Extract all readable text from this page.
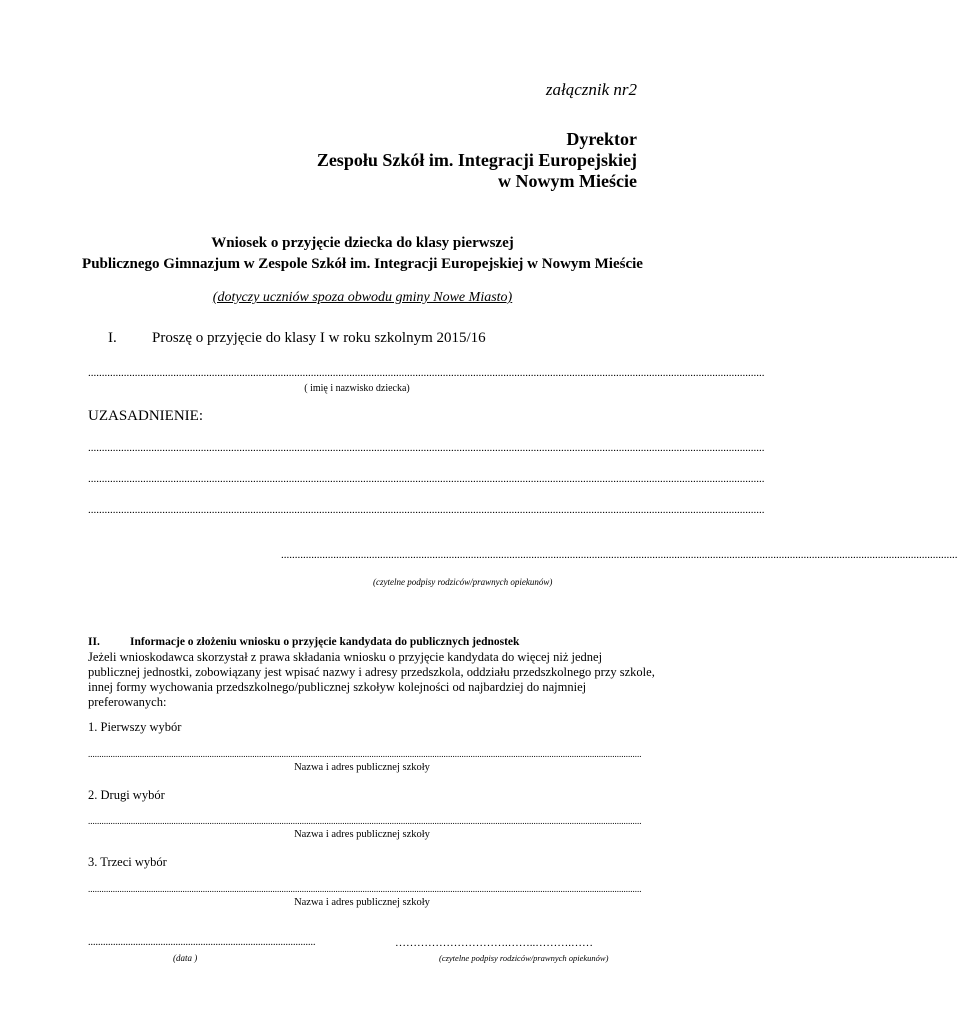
załącznik nr2
Dyrektor
Zespołu Szkół im. Integracji Europejskiej
w Nowym Mieście
Wniosek o przyjęcie dziecka do klasy pierwszej
Publicznego Gimnazjum w Zespole Szkół im. Integracji Europejskiej w Nowym Mieście
(dotyczy uczniów spoza obwodu gminy Nowe Miasto)
I. Proszę o przyjęcie do klasy I w roku szkolnym 2015/16
......................................................................................................................................................................................................................................................
( imię i nazwisko dziecka)
UZASADNIENIE:
......................................................................................................................................................................................................................................................
......................................................................................................................................................................................................................................................
......................................................................................................................................................................................................................................................
......................................................................................................................................................................................................................................................
(czytelne podpisy rodziców/prawnych opiekunów)
II.	Informacje o złożeniu wniosku o przyjęcie kandydata do publicznych jednostek
Jeżeli wnioskodawca skorzystał z prawa składania wniosku o przyjęcie kandydata do więcej niż jednej
publicznej jednostki, zobowiązany jest wpisać nazwy i adresy przedszkola, oddziału przedszkolnego przy szkole,
innej formy wychowania przedszkolnego/publicznej szkoływ kolejności od najbardziej do najmniej
preferowanych:
1. Pierwszy wybór
......................................................................................................................................................................................................................................................
Nazwa i adres publicznej szkoły
2. Drugi wybór
......................................................................................................................................................................................................................................................
Nazwa i adres publicznej szkoły
3. Trzeci wybór
......................................................................................................................................................................................................................................................
Nazwa i adres publicznej szkoły
...........................................................................................
(data )
………………………….……..……….……
(czytelne podpisy rodziców/prawnych opiekunów)
